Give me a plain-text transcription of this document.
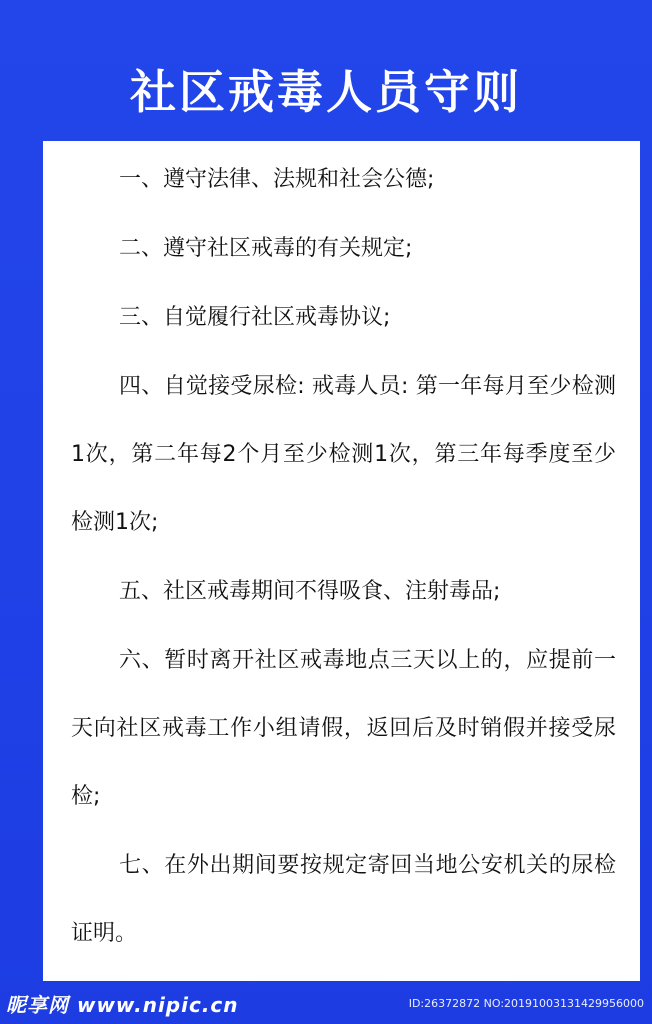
社区戒毒人员守则
一、遵守法律、法规和社会公德;
二、遵守社区戒毒的有关规定;
三、自觉履行社区戒毒协议;
四、自觉接受尿检: 戒毒人员: 第一年每月至少检测1次，第二年每2个月至少检测1次，第三年每季度至少检测1次;
五、社区戒毒期间不得吸食、注射毒品;
六、暂时离开社区戒毒地点三天以上的，应提前一天向社区戒毒工作小组请假，返回后及时销假并接受尿检;
七、在外出期间要按规定寄回当地公安机关的尿检证明。
昵享网 www.nipic.cn	ID:26372872 NO:20191003131429956000
